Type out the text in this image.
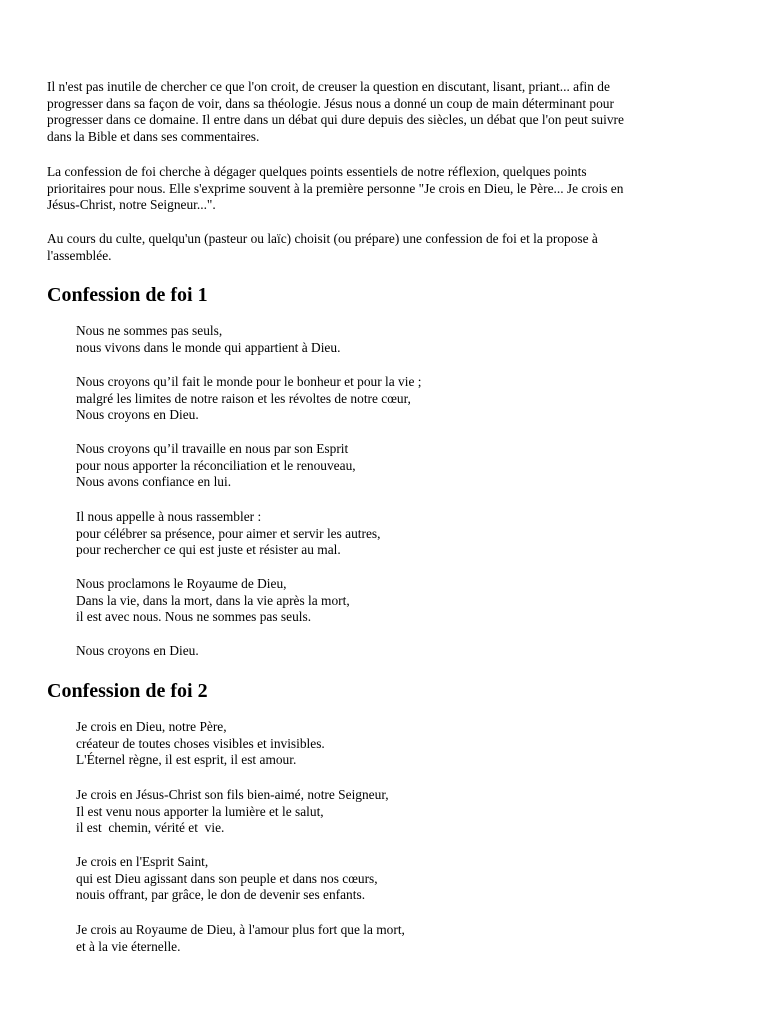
Il n'est pas inutile de chercher ce que l'on croit, de creuser la question en discutant, lisant, priant... afin de
progresser dans sa façon de voir, dans sa théologie. Jésus nous a donné un coup de main déterminant pour
progresser dans ce domaine. Il entre dans un débat qui dure depuis des siècles, un débat que l'on peut suivre
dans la Bible et dans ses commentaires.

La confession de foi cherche à dégager quelques points essentiels de notre réflexion, quelques points
prioritaires pour nous. Elle s'exprime souvent à la première personne "Je crois en Dieu, le Père... Je crois en
Jésus-Christ, notre Seigneur...".

Au cours du culte, quelqu'un (pasteur ou laïc) choisit (ou prépare) une confession de foi et la propose à
l'assemblée.

Confession de foi 1

Nous ne sommes pas seuls,
nous vivons dans le monde qui appartient à Dieu.

Nous croyons qu’il fait le monde pour le bonheur et pour la vie ;
malgré les limites de notre raison et les révoltes de notre cœur,
Nous croyons en Dieu.

Nous croyons qu’il travaille en nous par son Esprit
pour nous apporter la réconciliation et le renouveau,
Nous avons confiance en lui.

Il nous appelle à nous rassembler :
pour célébrer sa présence, pour aimer et servir les autres,
pour rechercher ce qui est juste et résister au mal.

Nous proclamons le Royaume de Dieu,
Dans la vie, dans la mort, dans la vie après la mort,
il est avec nous. Nous ne sommes pas seuls.

Nous croyons en Dieu.

Confession de foi 2

Je crois en Dieu, notre Père,
créateur de toutes choses visibles et invisibles.
L'Éternel règne, il est esprit, il est amour.

Je crois en Jésus-Christ son fils bien-aimé, notre Seigneur,
Il est venu nous apporter la lumière et le salut,
il est  chemin, vérité et  vie.

Je crois en l'Esprit Saint,
qui est Dieu agissant dans son peuple et dans nos cœurs,
nouis offrant, par grâce, le don de devenir ses enfants.

Je crois au Royaume de Dieu, à l'amour plus fort que la mort,
et à la vie éternelle.
